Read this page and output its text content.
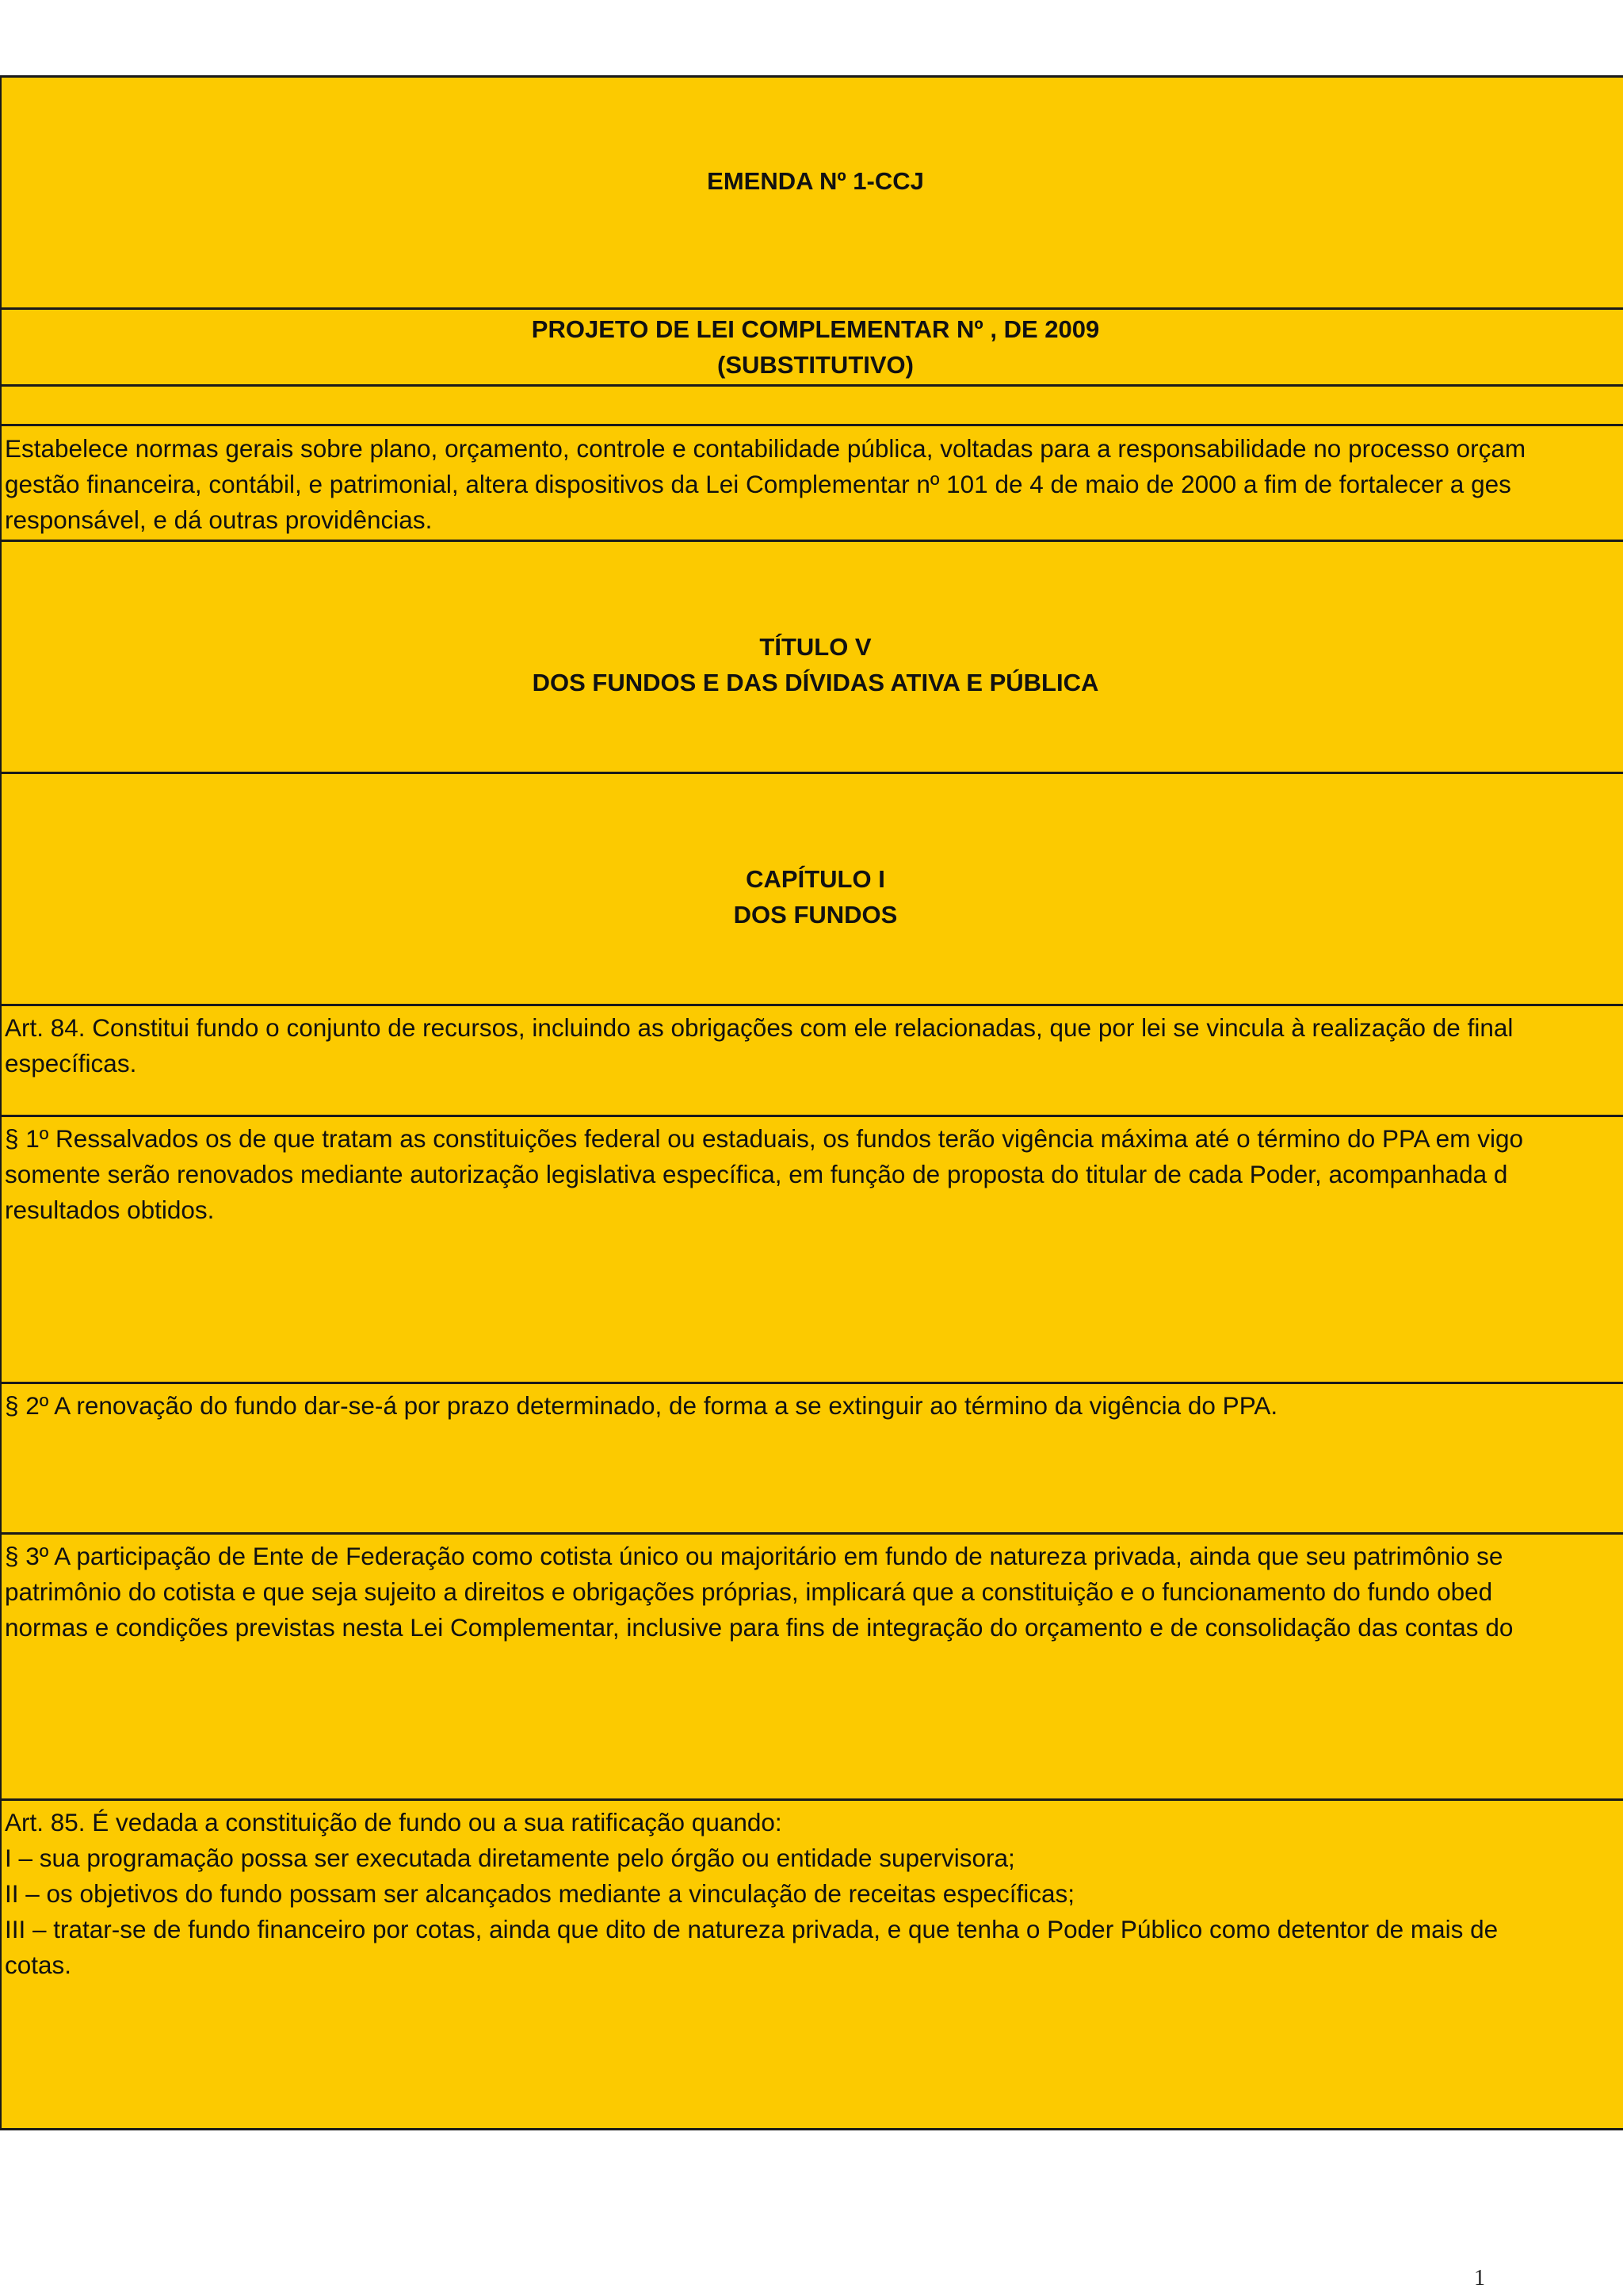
EMENDA Nº 1-CCJ
PROJETO DE LEI COMPLEMENTAR Nº , DE 2009
(SUBSTITUTIVO)
Estabelece normas gerais sobre plano, orçamento, controle e contabilidade pública, voltadas para a responsabilidade no processo orçam
gestão financeira, contábil, e patrimonial, altera dispositivos da Lei Complementar nº 101 de 4 de maio de 2000 a fim de fortalecer a ges
responsável, e dá outras providências.
TÍTULO V
DOS FUNDOS E DAS DÍVIDAS ATIVA E PÚBLICA
CAPÍTULO I
DOS FUNDOS
Art. 84. Constitui fundo o conjunto de recursos, incluindo as obrigações com ele relacionadas, que por lei se vincula à realização de final
específicas.
§ 1º Ressalvados os de que tratam as constituições federal ou estaduais, os fundos terão vigência máxima até o término do PPA em vigo
somente serão renovados mediante autorização legislativa específica, em função de proposta do titular de cada Poder, acompanhada d
resultados obtidos.
§ 2º A renovação do fundo dar-se-á por prazo determinado, de forma a se extinguir ao término da vigência do PPA.
§ 3º A participação de Ente de Federação como cotista único ou majoritário em fundo de natureza privada, ainda que seu patrimônio se
patrimônio do cotista e que seja sujeito a direitos e obrigações próprias, implicará que a constituição e o funcionamento do fundo obed
normas e condições previstas nesta Lei Complementar, inclusive para fins de integração do orçamento e de consolidação das contas do
Art. 85. É vedada a constituição de fundo ou a sua ratificação quando:
I – sua programação possa ser executada diretamente pelo órgão ou entidade supervisora;
II – os objetivos do fundo possam ser alcançados mediante a vinculação de receitas específicas;
III – tratar-se de fundo financeiro por cotas, ainda que dito de natureza privada, e que tenha o Poder Público como detentor de mais de
cotas.
1
